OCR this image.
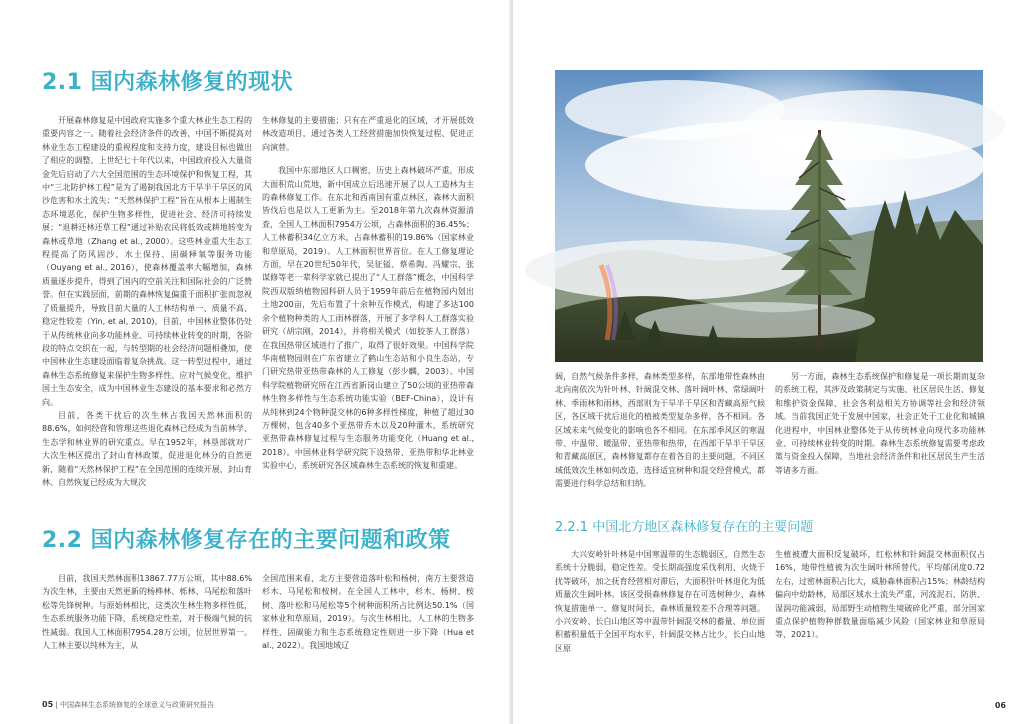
2.1 国内森林修复的现状

开展森林修复是中国政府实施多个重大林业生态工程的重要内容之一。随着社会经济条件的改善，中国不断提高对林业生态工程建设的重视程度和支持力度，建设目标也做出了相应的调整。上世纪七十年代以来，中国政府投入大量资金先后启动了六大全国范围的生态环境保护和恢复工程，其中“三北防护林工程”是为了遏制我国北方干旱半干旱区的风沙危害和水土流失；“天然林保护工程”旨在从根本上遏制生态环境恶化，保护生物多样性，促进社会、经济可持续发展；“退耕还林还草工程”通过补贴农民将低效或耕地转变为森林或草地（Zhang et al., 2000）。这些林业重大生态工程提高了防风固沙、水土保持、固碳释氧等服务功能（Ouyang et al., 2016），使森林覆盖率大幅增加，森林质量逐步提升，得到了国内的空前关注和国际社会的广泛赞誉。但在实践层面，前期的森林恢复偏重于面积扩张而忽视了质量提升，导致目前大量的人工林结构单一、质量不高、稳定性较差（Yin, et al, 2010)。目前，中国林业整体仍处于从传统林业向多功能林业、可持续林业转变的时期，各阶段的特点交织在一起，与转型期的社会经济问题相叠加，使中国林业生态建设面临着复杂挑战。这一转型过程中，通过森林生态系统修复来保护生物多样性、应对气候变化，维护国土生态安全，成为中国林业生态建设的基本要求和必然方向。

目前，各类干扰后的次生林占我国天然林面积的88.6%，如何经营和管理这些退化森林已经成为当前林学、生态学和林业界的研究重点。早在1952年，林垦部就对广大次生林区提出了封山育林政策，促进退化林分的自然更新，随着“天然林保护工程”在全国范围的连续开展，封山育林、自然恢复已经成为大规次

生林修复的主要措施；只有在严重退化的区域，才开展低效林改造项目，通过各类人工经营措施加快恢复过程、促进正向演替。

我国中东部地区人口稠密，历史上森林破坏严重，形成大面积荒山荒地，新中国成立后迅速开展了以人工造林为主的森林修复工作。在东北和西南国有重点林区，森林大面积皆伐后也是以人工更新为主。至2018年第九次森林资源清查，全国人工林面积7954万公顷，占森林面积的36.45%；人工林蓄积34亿立方米，占森林蓄积的19.86%（国家林业和草原局，2019）。人工林面积世界首位。在人工修复理论方面，早在20世纪50年代，吴征镒、蔡希陶、冯耀宗、张谋修等老一辈科学家就已提出了“人工群落”概念，中国科学院西双版纳植物园科研人员于1959年前后在植物园内划出土地200亩，先后布置了十余种互作模式，构建了多达100余个植物种类的人工雨林群落，开展了多学科人工群落实验研究（胡宗刚，2014），并将相关模式（如胶茶人工群落）在我国热带区域进行了推广，取得了很好效果。中国科学院华南植物园则在广东省建立了鹤山生态站和小良生态站，专门研究热带亚热带森林的人工修复（彭少麟，2003）。中国科学院植物研究所在江西省新岗山建立了50公顷的亚热带森林生物多样性与生态系统功能实验（BEF-China），设计有从纯林到24个物种混交林的6种多样性梯度，种植了超过30万棵树，包含40多个亚热带乔木以及20种灌木，系统研究亚热带森林修复过程与生态服务功能变化（Huang et al., 2018）。中国林业科学研究院下设热带、亚热带和华北林业实验中心，系统研究各区域森林生态系统的恢复和重建。

2.2 国内森林修复存在的主要问题和政策

目前，我国天然林面积13867.77万公顷，其中88.6%为次生林，主要由天然更新的杨桦林、栎林、马尾松和落叶松等先锋树种。与原始林相比，这类次生林生物多样性低，生态系统服务功能下降，系统稳定性差，对于极端气候的抗性减弱。我国人工林面积7954.28万公顷，位居世界第一。人工林主要以纯林为主，从

全国范围来看，北方主要营造落叶松和杨树，南方主要营造杉木、马尾松和桉树。在全国人工林中，杉木、杨树、桉树、落叶松和马尾松等5个树种面积所占比例达50.1%（国家林业和草原局，2019）。与次生林相比，人工林的生物多样性、固碳能力和生态系统稳定性则进一步下降（Hua et al., 2022）。我国地域辽

05 | 中国森林生态系统修复的全球意义与政策研究报告

阔，自然气候条件多样，森林类型多样，东部地带性森林由北向南依次为针叶林、针阔混交林、落叶阔叶林、常绿阔叶林、季雨林和雨林，西部则为干旱半干旱区和青藏高原气候区，各区域干扰后退化的植被类型复杂多样，各不相同。各区域未来气候变化的影响也各不相同。在东部季风区的寒温带、中温带、暖温带、亚热带和热带，在西部干旱半干旱区和青藏高原区，森林修复都存在着各自的主要问题，不同区域低效次生林如何改造，选择适宜树种和混交经营模式，都需要进行科学总结和归纳。

另一方面，森林生态系统保护和修复是一项长期而复杂的系统工程，其涉及政策制定与实施、社区居民生活、修复和维护资金保障、社会各利益相关方协调等社会和经济领域。当前我国正处于发展中国家，社会正处于工业化和城镇化进程中，中国林业整体处于从传统林业向现代多功能林业、可持续林业转变的时期。森林生态系统修复需要考虑政策与资金投入保障，当地社会经济条件和社区居民生产生活等诸多方面。

2.2.1 中国北方地区森林修复存在的主要问题

大兴安岭针叶林是中国寒温带的生态脆弱区，自然生态系统十分脆弱，稳定性差。受长期高强度采伐利用、火烧干扰等破坏，加之抚育经营相对滞后，大面积针叶林退化为低质量次生阔叶林。该区受损森林修复存在可选树种少、森林恢复措施单一、修复时间长，森林质量较差不合理等问题。小兴安岭、长白山地区等中温带针阔混交林的蓄量、单位面积蓄积量低于全国平均水平，针阔混交林占比少，长白山地区原

生植被遭大面积反复破坏，红松林和针阔混交林面积仅占16%，地带性植被为次生阔叶林所替代。平均郁闭度0.72左右，过密林面积占比大，威胁森林面积占15%；林龄结构偏向中幼龄林，局部区域水土流失严重，河流泥石、防洪、湿润功能减弱，局部野生动植物生境破碎化严重，部分国家重点保护植物种群数量面临减少风险（国家林业和草原局等，2021）。

06
